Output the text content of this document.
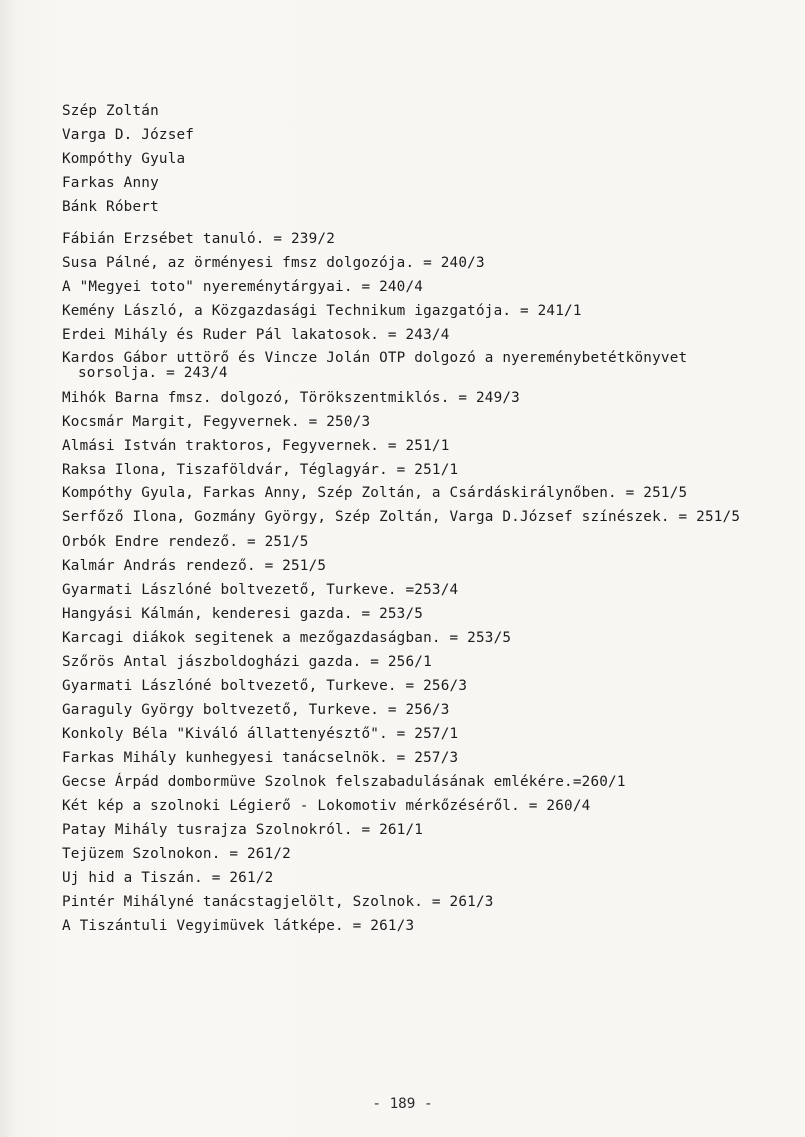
Szép Zoltán
Varga D. József
Kompóthy Gyula
Farkas Anny
Bánk Róbert
Fábián Erzsébet tanuló. = 239/2
Susa Pálné, az örményesi fmsz dolgozója. = 240/3
A "Megyei toto" nyereménytárgyai. = 240/4
Kemény László, a Közgazdasági Technikum igazgatója. = 241/1
Erdei Mihály és Ruder Pál lakatosok. = 243/4
Kardos Gábor uttörő és Vincze Jolán OTP dolgozó a nyereménybetétkönyvet sorsolja. = 243/4
Mihók Barna fmsz. dolgozó, Törökszentmiklós. = 249/3
Kocsmár Margit, Fegyvernek. = 250/3
Almási István traktoros, Fegyvernek. = 251/1
Raksa Ilona, Tiszaföldvár, Téglagyár. = 251/1
Kompóthy Gyula, Farkas Anny, Szép Zoltán, a Csárdáskirálynőben. = 251/5
Serfőző Ilona, Gozmány György, Szép Zoltán, Varga D.József színészek. = 251/5
Orbók Endre rendező. = 251/5
Kalmár András rendező. = 251/5
Gyarmati Lászlóné boltvezető, Turkeve. =253/4
Hangyási Kálmán, kenderesi gazda. = 253/5
Karcagi diákok segitenek a mezőgazdaságban. = 253/5
Szőrös Antal jászboldogházi gazda. = 256/1
Gyarmati Lászlóné boltvezető, Turkeve. = 256/3
Garaguly György boltvezető, Turkeve. = 256/3
Konkoly Béla "Kiváló állattenyésztő". = 257/1
Farkas Mihály kunhegyesi tanácselnök. = 257/3
Gecse Árpád dombormüve Szolnok felszabadulásának emlékére.=260/1
Két kép a szolnoki Légierő - Lokomotiv mérkőzéséről. = 260/4
Patay Mihály tusrajza Szolnokról. = 261/1
Tejüzem Szolnokon. = 261/2
Uj hid a Tiszán. = 261/2
Pintér Mihályné tanácstagjelölt, Szolnok. = 261/3
A Tiszántuli Vegyimüvek látképe. = 261/3
- 189 -
